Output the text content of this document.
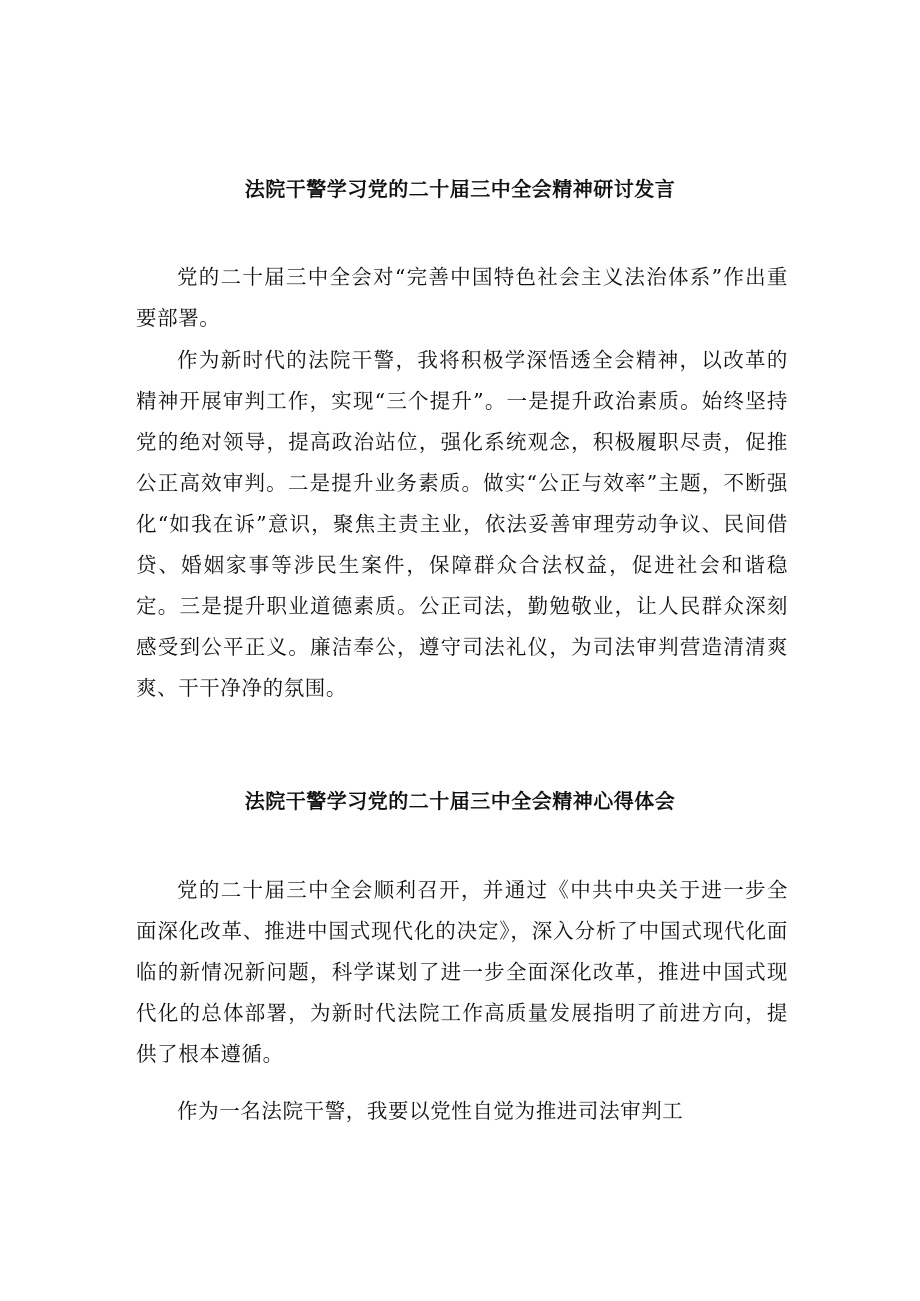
法院干警学习党的二十届三中全会精神研讨发言

党的二十届三中全会对“完善中国特色社会主义法治体系”作出重要部署。

作为新时代的法院干警，我将积极学深悟透全会精神，以改革的精神开展审判工作，实现“三个提升”。一是提升政治素质。始终坚持党的绝对领导，提高政治站位，强化系统观念，积极履职尽责，促推公正高效审判。二是提升业务素质。做实“公正与效率”主题，不断强化“如我在诉”意识，聚焦主责主业，依法妥善审理劳动争议、民间借贷、婚姻家事等涉民生案件，保障群众合法权益，促进社会和谐稳定。三是提升职业道德素质。公正司法，勤勉敬业，让人民群众深刻感受到公平正义。廉洁奉公，遵守司法礼仪，为司法审判营造清清爽爽、干干净净的氛围。

法院干警学习党的二十届三中全会精神心得体会

党的二十届三中全会顺利召开，并通过《中共中央关于进一步全面深化改革、推进中国式现代化的决定》，深入分析了中国式现代化面临的新情况新问题，科学谋划了进一步全面深化改革，推进中国式现代化的总体部署，为新时代法院工作高质量发展指明了前进方向，提供了根本遵循。

作为一名法院干警，我要以党性自觉为推进司法审判工
